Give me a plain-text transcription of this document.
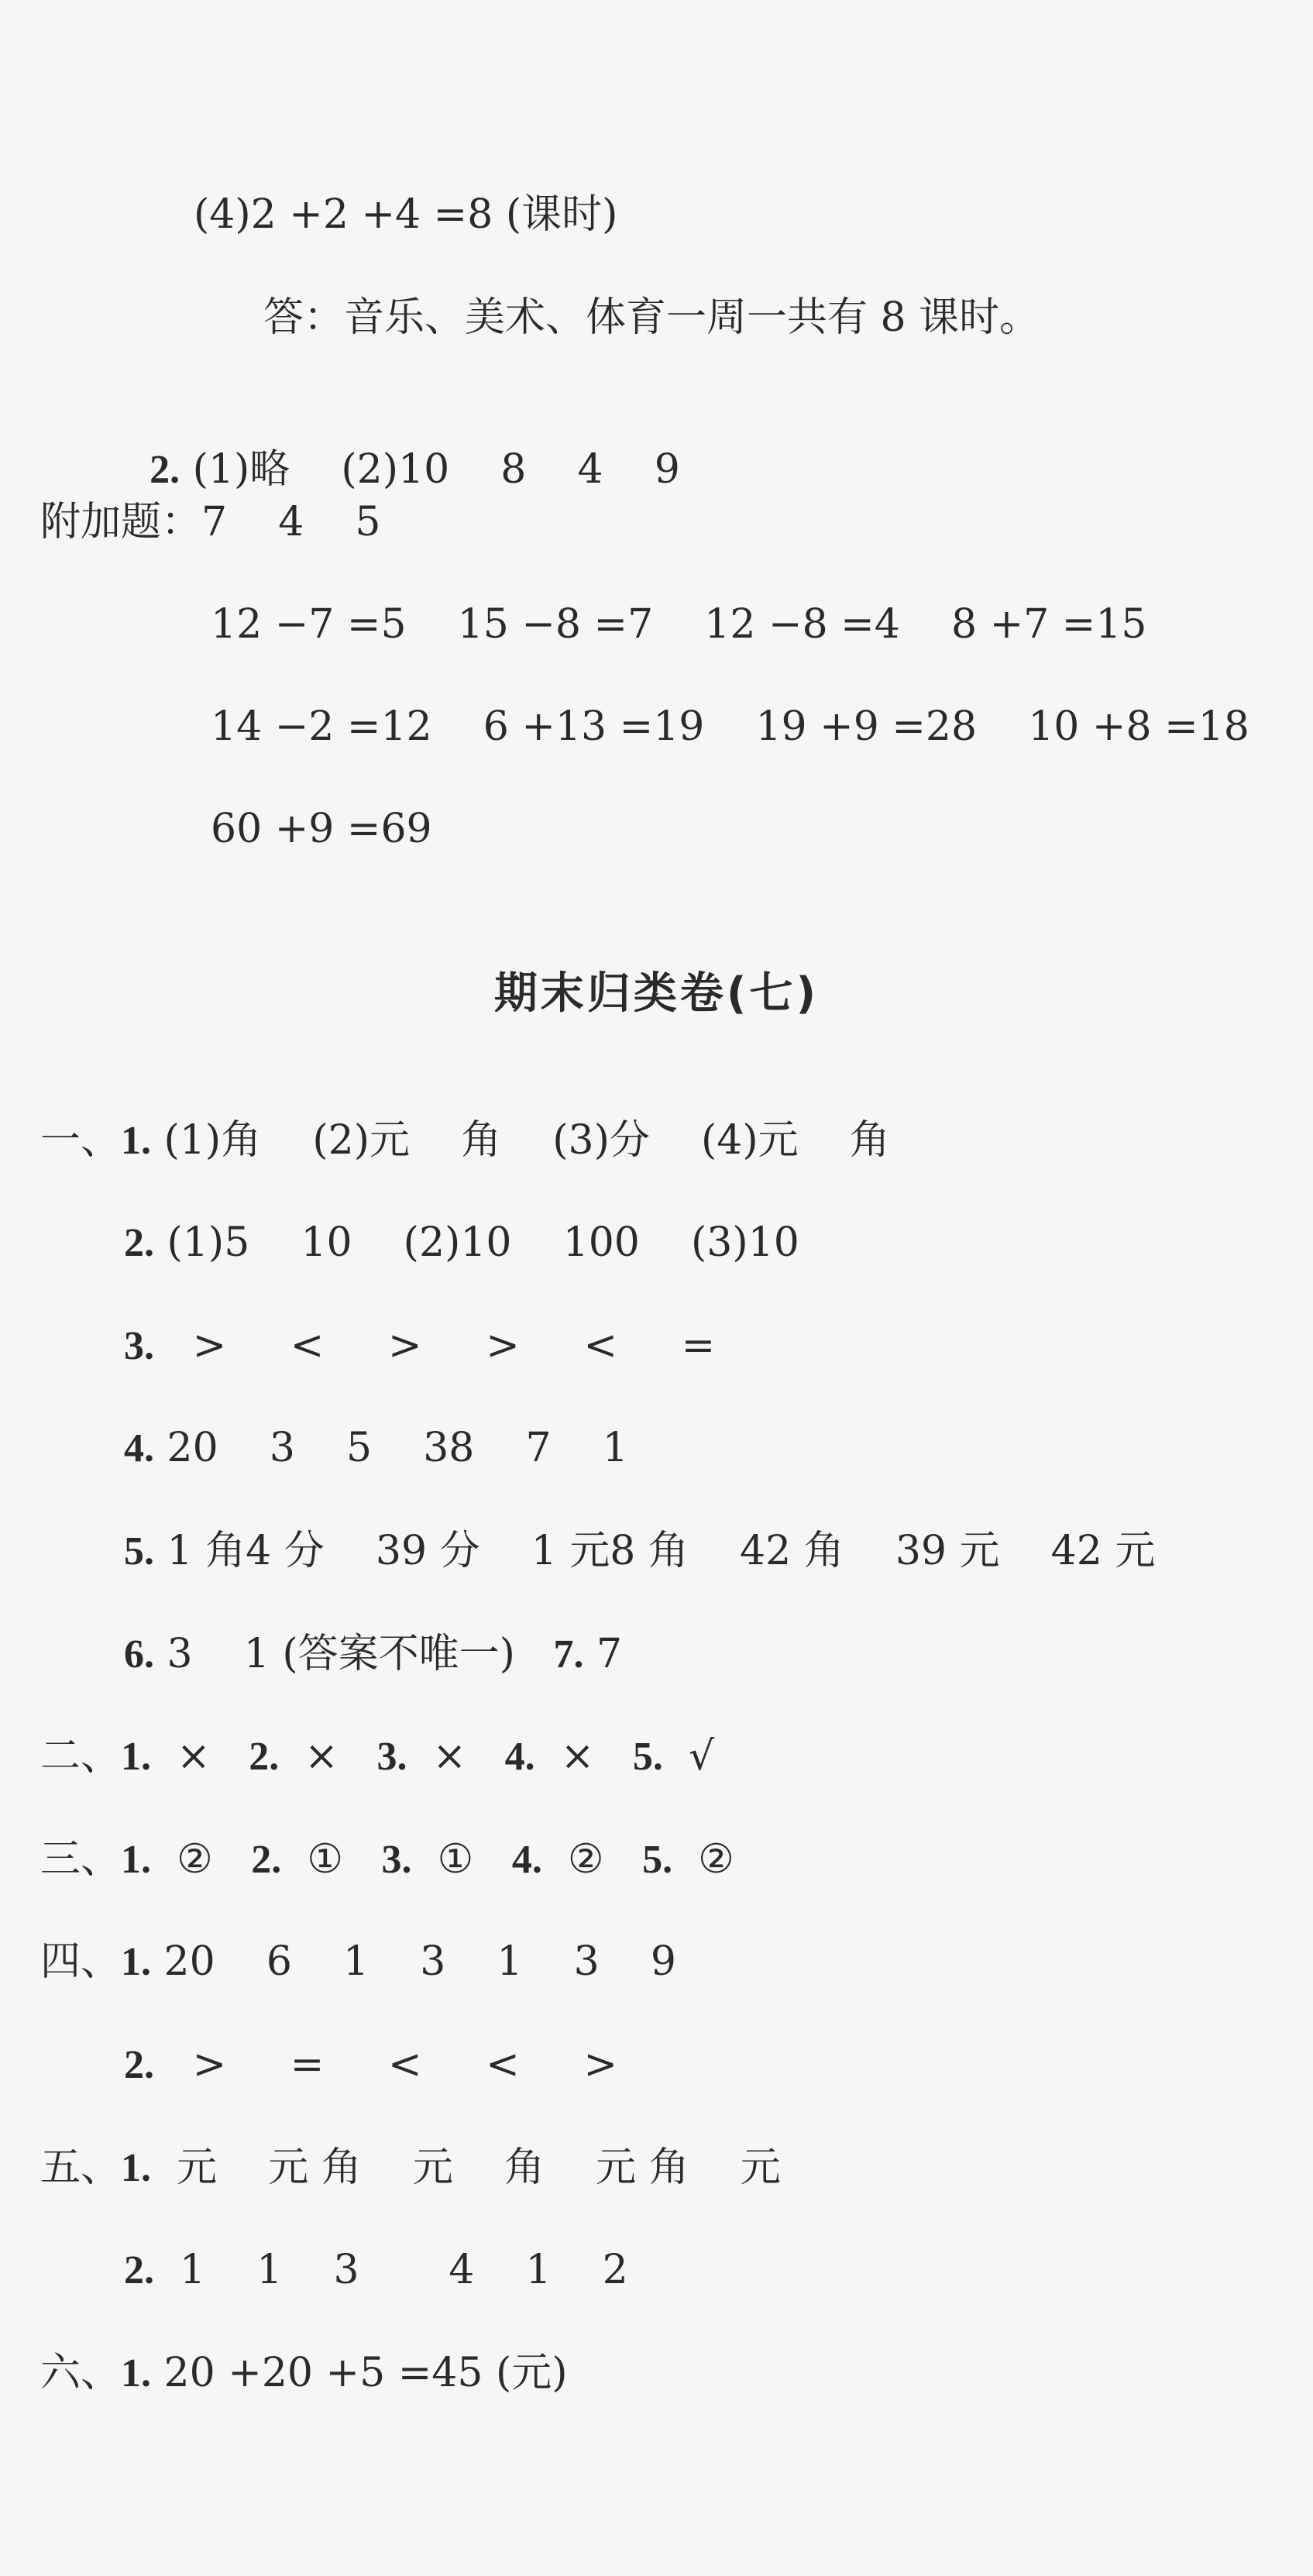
(4)2 +2 +4 =8 (课时)
答：音乐、美术、体育一周一共有 8 课时。

2. (1)略    (2)10    8    4    9

附加题：7    4    5
12 −7 =5    15 −8 =7    12 −8 =4    8 +7 =15
14 −2 =12    6 +13 =19    19 +9 =28    10 +8 =18
60 +9 =69
期末归类卷(七)
一、1. (1)角    (2)元    角    (3)分    (4)元    角
2. (1)5    10    (2)10    100    (3)10
3.   >     <     >     >     <     =
4. 20    3    5    38    7    1
5. 1 角4 分    39 分    1 元8 角    42 角    39 元    42 元
6. 3    1 (答案不唯一)   7. 7
二、1.  ×   2.  ×   3.  ×   4.  ×   5.  √
三、1.  ②   2.  ①   3.  ①   4.  ②   5.  ②
四、1. 20    6    1    3    1    3    9
2.   >     =     <     <     >
五、1.  元    元 角    元    角    元 角    元
2.  1    1    3       4    1    2
六、1. 20 +20 +5 =45 (元)
